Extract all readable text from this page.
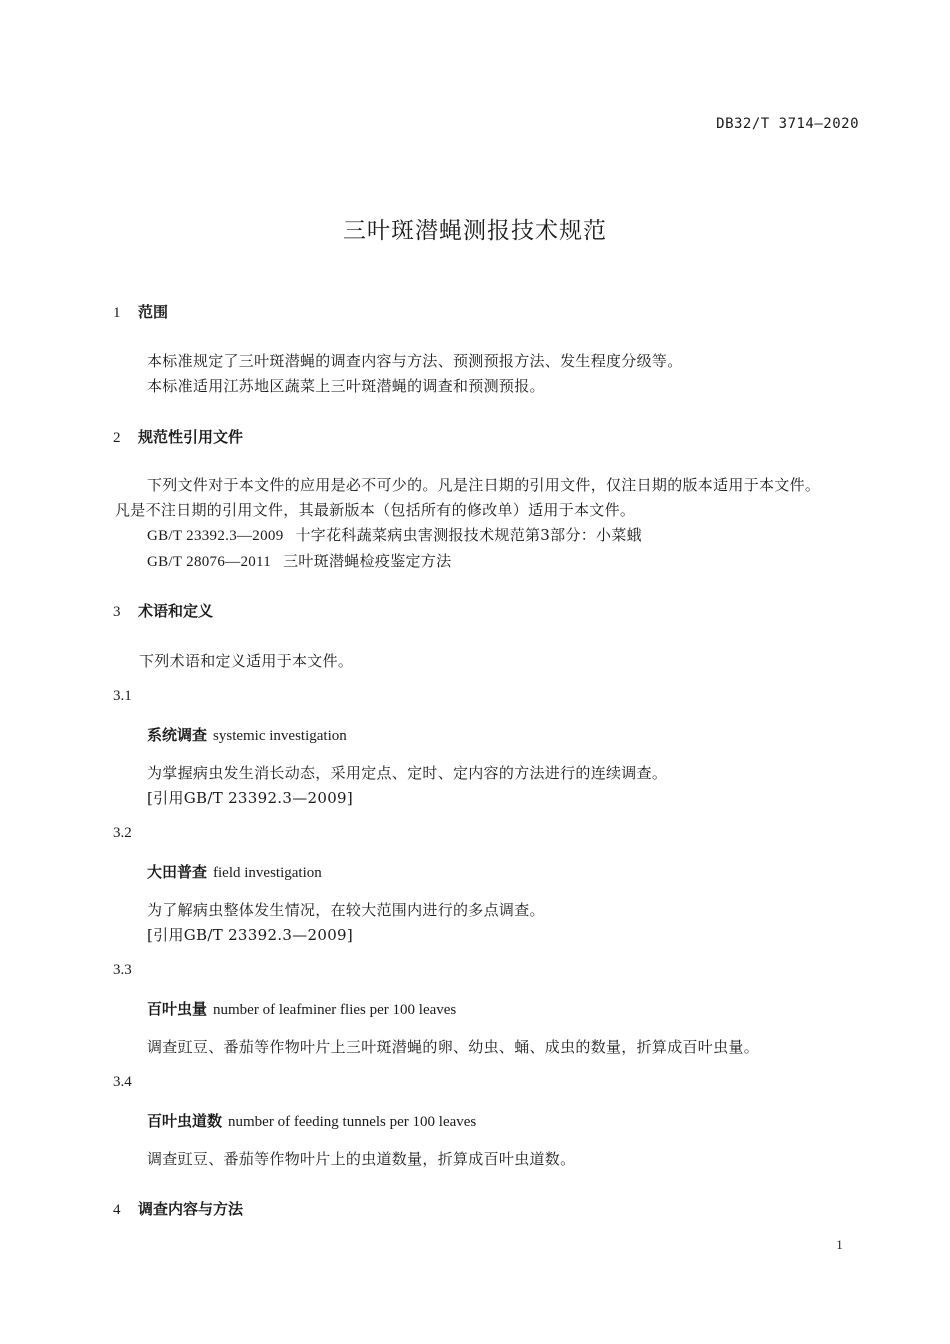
DB32/T 3714—2020
三叶斑潜蝇测报技术规范
1 范围
本标准规定了三叶斑潜蝇的调查内容与方法、预测预报方法、发生程度分级等。
本标准适用江苏地区蔬菜上三叶斑潜蝇的调查和预测预报。
2 规范性引用文件
下列文件对于本文件的应用是必不可少的。凡是注日期的引用文件，仅注日期的版本适用于本文件。
凡是不注日期的引用文件，其最新版本（包括所有的修改单）适用于本文件。
GB/T 23392.3—2009 十字花科蔬菜病虫害测报技术规范第3部分：小菜蛾
GB/T 28076—2011 三叶斑潜蝇检疫鉴定方法
3 术语和定义
下列术语和定义适用于本文件。
3.1
系统调查 systemic investigation
为掌握病虫发生消长动态，采用定点、定时、定内容的方法进行的连续调查。
[引用GB/T 23392.3—2009]
3.2
大田普查 field investigation
为了解病虫整体发生情况，在较大范围内进行的多点调查。
[引用GB/T 23392.3—2009]
3.3
百叶虫量 number of leafminer flies per 100 leaves
调查豇豆、番茄等作物叶片上三叶斑潜蝇的卵、幼虫、蛹、成虫的数量，折算成百叶虫量。
3.4
百叶虫道数 number of feeding tunnels per 100 leaves
调查豇豆、番茄等作物叶片上的虫道数量，折算成百叶虫道数。
4 调查内容与方法
1
